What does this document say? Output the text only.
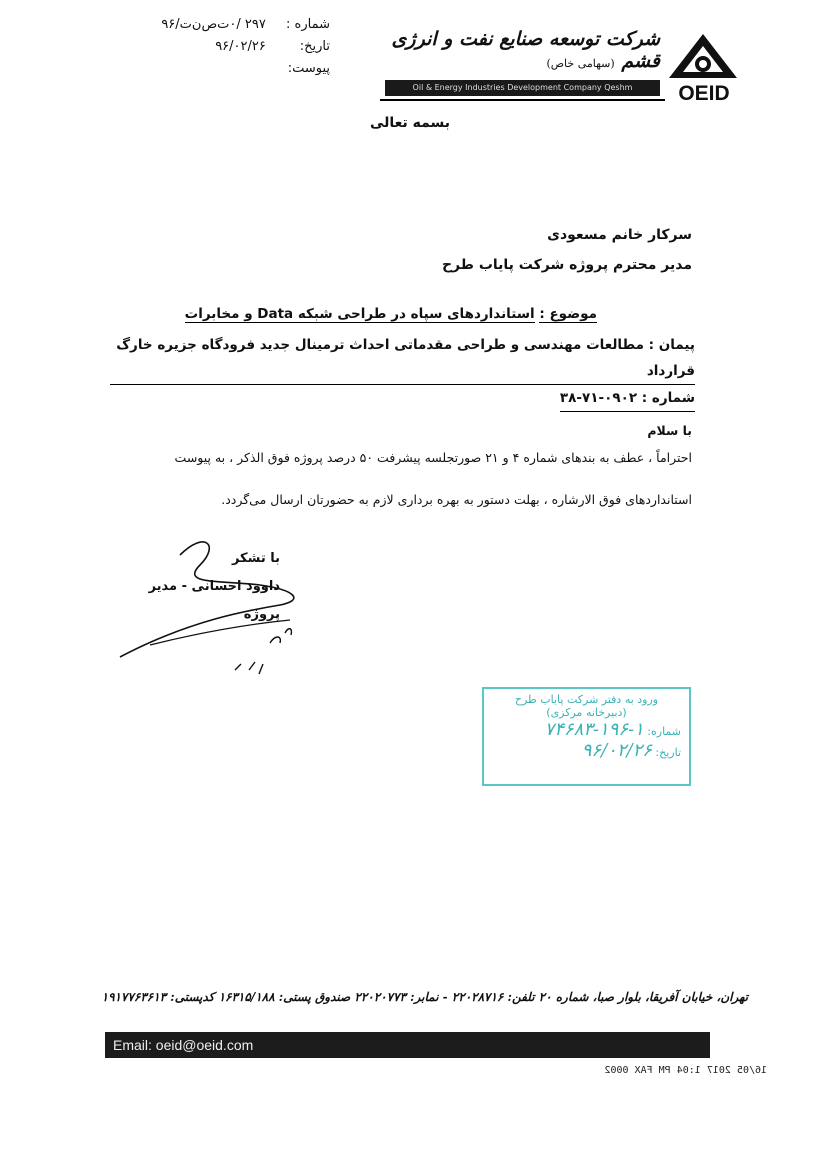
شماره : ۲۹۷ /۰ت‌ص‌ن‌ت/۹۶
تاریخ: ۹۶/۰۲/۲۶
پیوست:
شرکت توسعه صنایع نفت و انرژی قشم (سهامی خاص)
Oil & Energy Industries Development Company Qeshm	OEID
بسمه تعالی
سرکار خانم مسعودی
مدیر محترم پروژه شرکت پایاب طرح
موضوع : استانداردهای سپاه در طراحی شبکه Data و مخابرات
پیمان : مطالعات مهندسی و طراحی مقدماتی احداث ترمینال جدید فرودگاه جزیره خارگ قرارداد
شماره : ۰۹۰۲-۷۱-۳۸
با سلام
احتراماً ، عطف به بندهای شماره ۴ و ۲۱ صورتجلسه پیشرفت ۵۰ درصد پروژه فوق الذکر ، به پیوست
استانداردهای فوق الارشاره ، بهلت دستور به بهره برداری لازم به حضورتان ارسال می‌گردد.
با تشکر
داوود احسانی - مدیر پروژه
ورود به دفتر شرکت پایاب طرح
(دبیرخانه مرکزی)
شماره: ۱-۱۹۶-۷۴۶۸۳
تاریخ: ۹۶/۰۲/۲۶
تهران، خیابان آفریقا، بلوار صبا، شماره ۲۰ تلفن: ۲۲۰۲۸۷۱۶ - نمابر: ۲۲۰۲۰۷۷۳ صندوق پستی: ۱۶۳۱۵/۱۸۸ کدپستی: ۱۹۱۷۷۶۳۶۱۳
Email: oeid@oeid.com
16/05 2017 1:04 PM FAX 0002
